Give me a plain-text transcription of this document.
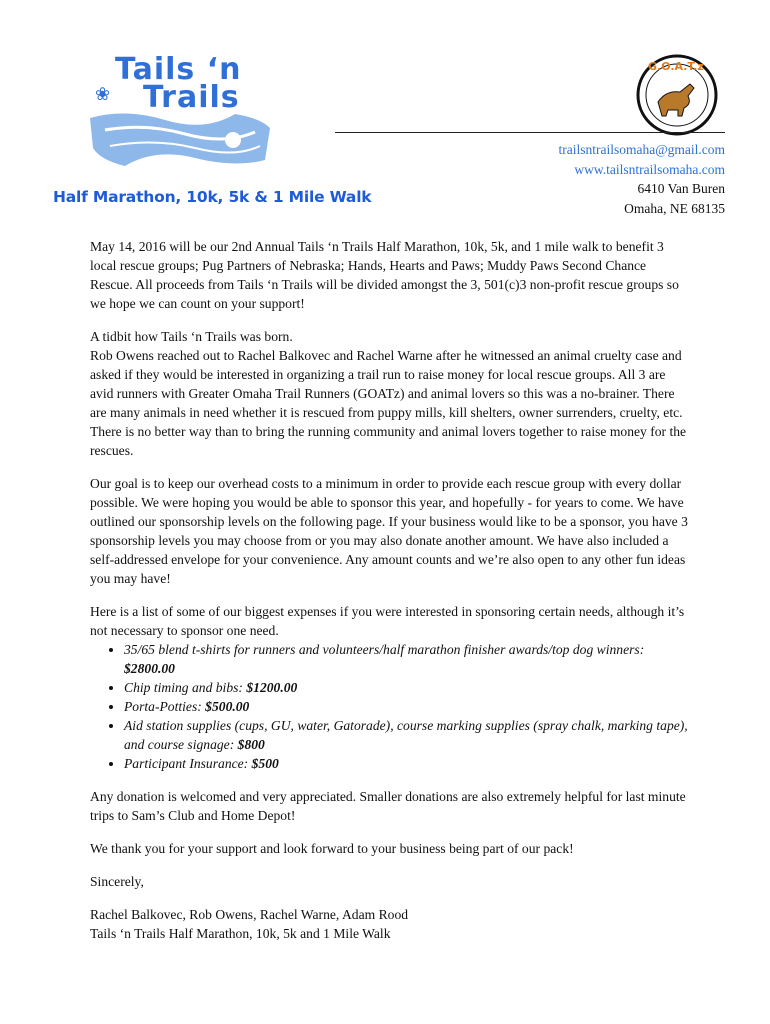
Tails ‘n
Trails
❀
Half Marathon, 10k, 5k & 1 Mile Walk
G.O.A.T.z
trailsntrailsomaha@gmail.com
www.tailsntrailsomaha.com
6410 Van Buren
Omaha, NE 68135

May 14, 2016 will be our 2nd Annual Tails ‘n Trails Half Marathon, 10k, 5k, and 1 mile walk to benefit 3 local rescue groups; Pug Partners of Nebraska; Hands, Hearts and Paws; Muddy Paws Second Chance Rescue. All proceeds from Tails ‘n Trails will be divided amongst the 3, 501(c)3 non-profit rescue groups so we hope we can count on your support!

A tidbit how Tails ‘n Trails was born.
Rob Owens reached out to Rachel Balkovec and Rachel Warne after he witnessed an animal cruelty case and asked if they would be interested in organizing a trail run to raise money for local rescue groups. All 3 are avid runners with Greater Omaha Trail Runners (GOATz) and animal lovers so this was a no-brainer. There are many animals in need whether it is rescued from puppy mills, kill shelters, owner surrenders, cruelty, etc. There is no better way than to bring the running community and animal lovers together to raise money for the rescues.

Our goal is to keep our overhead costs to a minimum in order to provide each rescue group with every dollar possible. We were hoping you would be able to sponsor this year, and hopefully - for years to come. We have outlined our sponsorship levels on the following page. If your business would like to be a sponsor, you have 3 sponsorship levels you may choose from or you may also donate another amount. We have also included a self-addressed envelope for your convenience. Any amount counts and we’re also open to any other fun ideas you may have!

Here is a list of some of our biggest expenses if you were interested in sponsoring certain needs, although it’s not necessary to sponsor one need.

• 35/65 blend t-shirts for runners and volunteers/half marathon finisher awards/top dog winners: $2800.00
• Chip timing and bibs: $1200.00
• Porta-Potties: $500.00
• Aid station supplies (cups, GU, water, Gatorade), course marking supplies (spray chalk, marking tape), and course signage: $800
• Participant Insurance: $500

Any donation is welcomed and very appreciated. Smaller donations are also extremely helpful for last minute trips to Sam’s Club and Home Depot!

We thank you for your support and look forward to your business being part of our pack!

Sincerely,

Rachel Balkovec, Rob Owens, Rachel Warne, Adam Rood
Tails ‘n Trails Half Marathon, 10k, 5k and 1 Mile Walk
